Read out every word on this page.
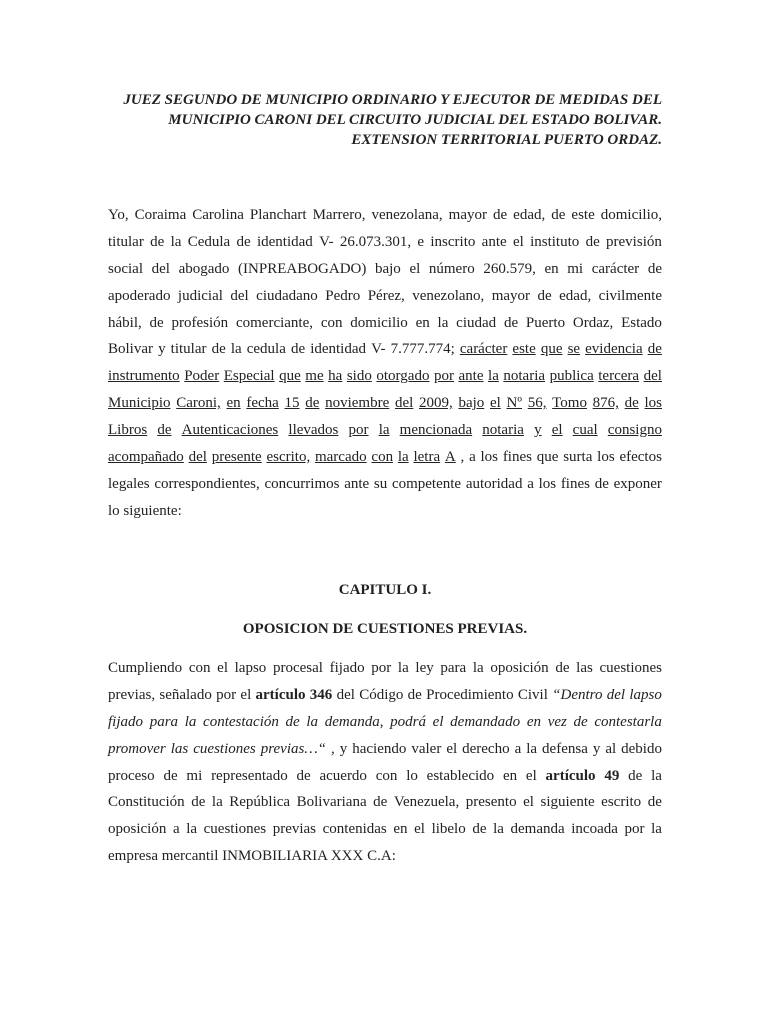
JUEZ SEGUNDO DE MUNICIPIO ORDINARIO Y EJECUTOR DE MEDIDAS DEL
MUNICIPIO CARONI DEL CIRCUITO JUDICIAL DEL ESTADO BOLIVAR.
EXTENSION TERRITORIAL PUERTO ORDAZ.
Yo, Coraima Carolina Planchart Marrero, venezolana, mayor de edad, de este domicilio,
titular de la Cedula de identidad V- 26.073.301, e inscrito ante el instituto de previsión
social del abogado (INPREABOGADO) bajo el número 260.579, en mi carácter de
apoderado judicial del ciudadano Pedro Pérez, venezolano, mayor de edad, civilmente
hábil, de profesión comerciante, con domicilio en la ciudad de Puerto Ordaz, Estado
Bolivar y titular de la cedula de identidad V- 7.777.774; carácter este que se evidencia de
instrumento Poder Especial que me ha sido otorgado por ante la notaria publica tercera del
Municipio Caroni, en fecha 15 de noviembre del 2009, bajo el Nº 56, Tomo 876, de los
Libros de Autenticaciones llevados por la mencionada notaria y el cual consigno
acompañado del presente escrito, marcado con la letra A , a los fines que surta los efectos
legales correspondientes, concurrimos ante su competente autoridad a los fines de exponer
lo siguiente:
CAPITULO I.
OPOSICION DE CUESTIONES PREVIAS.
Cumpliendo con el lapso procesal fijado por la ley para la oposición de las cuestiones
previas, señalado por el artículo 346 del Código de Procedimiento Civil “Dentro del lapso
fijado para la contestación de la demanda, podrá el demandado en vez de contestarla
promover las cuestiones previas…“ , y haciendo valer el derecho a la defensa y al debido
proceso de mi representado de acuerdo con lo establecido en el artículo 49 de la
Constitución de la República Bolivariana de Venezuela, presento el siguiente escrito de
oposición a la cuestiones previas contenidas en el libelo de la demanda incoada por la
empresa mercantil INMOBILIARIA XXX C.A:
